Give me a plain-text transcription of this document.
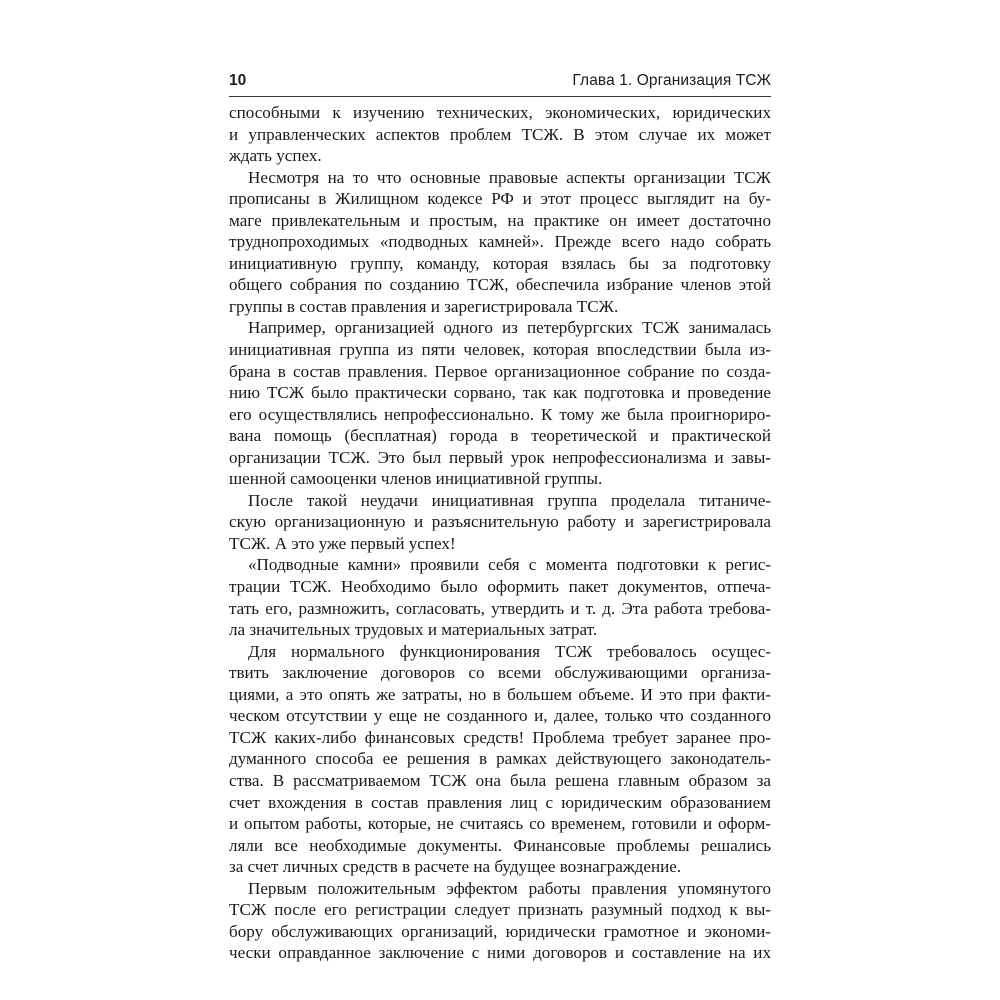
10	Глава 1. Организация ТСЖ
способными к изучению технических, экономических, юридических
и управленческих аспектов проблем ТСЖ. В этом случае их может
ждать успех.
Несмотря на то что основные правовые аспекты организации ТСЖ
прописаны в Жилищном кодексе РФ и этот процесс выглядит на бу-
маге привлекательным и простым, на практике он имеет достаточно
труднопроходимых «подводных камней». Прежде всего надо собрать
инициативную группу, команду, которая взялась бы за подготовку
общего собрания по созданию ТСЖ, обеспечила избрание членов этой
группы в состав правления и зарегистрировала ТСЖ.
Например, организацией одного из петербургских ТСЖ занималась
инициативная группа из пяти человек, которая впоследствии была из-
брана в состав правления. Первое организационное собрание по созда-
нию ТСЖ было практически сорвано, так как подготовка и проведение
его осуществлялись непрофессионально. К тому же была проигнориро-
вана помощь (бесплатная) города в теоретической и практической
организации ТСЖ. Это был первый урок непрофессионализма и завы-
шенной самооценки членов инициативной группы.
После такой неудачи инициативная группа проделала титаниче-
скую организационную и разъяснительную работу и зарегистрировала
ТСЖ. А это уже первый успех!
«Подводные камни» проявили себя с момента подготовки к регис-
трации ТСЖ. Необходимо было оформить пакет документов, отпеча-
тать его, размножить, согласовать, утвердить и т. д. Эта работа требова-
ла значительных трудовых и материальных затрат.
Для нормального функционирования ТСЖ требовалось осущес-
твить заключение договоров со всеми обслуживающими организа-
циями, а это опять же затраты, но в большем объеме. И это при факти-
ческом отсутствии у еще не созданного и, далее, только что созданного
ТСЖ каких-либо финансовых средств! Проблема требует заранее про-
думанного способа ее решения в рамках действующего законодатель-
ства. В рассматриваемом ТСЖ она была решена главным образом за
счет вхождения в состав правления лиц с юридическим образованием
и опытом работы, которые, не считаясь со временем, готовили и оформ-
ляли все необходимые документы. Финансовые проблемы решались
за счет личных средств в расчете на будущее вознаграждение.
Первым положительным эффектом работы правления упомянутого
ТСЖ после его регистрации следует признать разумный подход к вы-
бору обслуживающих организаций, юридически грамотное и экономи-
чески оправданное заключение с ними договоров и составление на их
